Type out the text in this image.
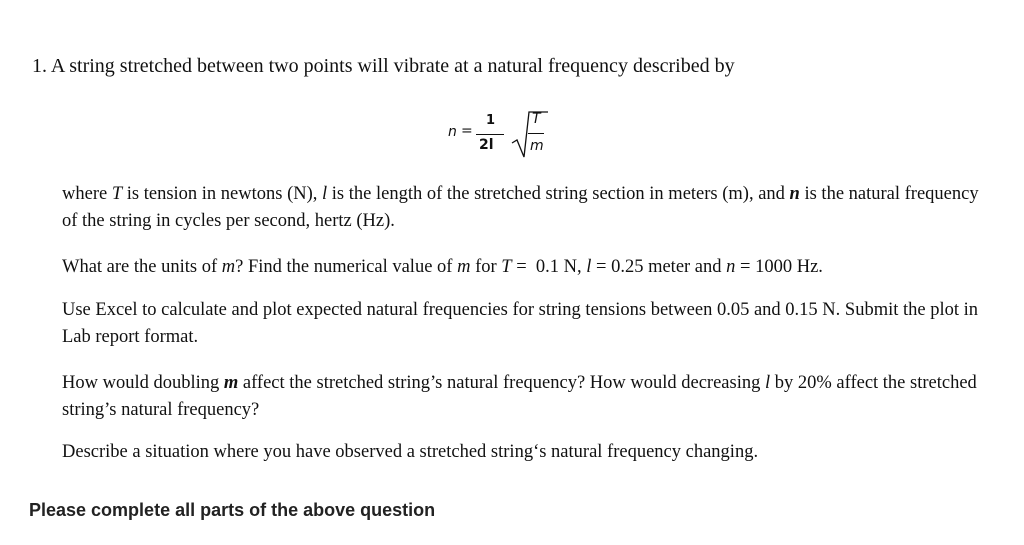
1. A string stretched between two points will vibrate at a natural frequency described by
n =
1
2l
T
m
where T is tension in newtons (N), l is the length of the stretched string section in meters (m), and n is the natural frequency of the string in cycles per second, hertz (Hz).
What are the units of m? Find the numerical value of m for T =  0.1 N, l = 0.25 meter and n = 1000 Hz.
Use Excel to calculate and plot expected natural frequencies for string tensions between 0.05 and 0.15 N. Submit the plot in Lab report format.
How would doubling m affect the stretched string’s natural frequency? How would decreasing l by 20% affect the stretched string’s natural frequency?
Describe a situation where you have observed a stretched string‘s natural frequency changing.
Please complete all parts of the above question
